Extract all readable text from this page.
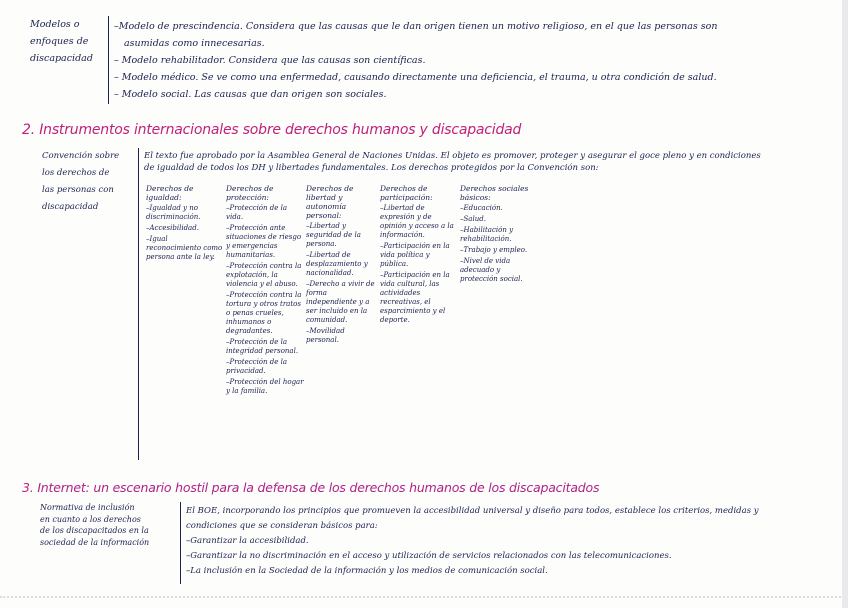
Modelos o
enfoques de
discapacidad
–Modelo de prescindencia. Considera que las causas que le dan origen tienen un motivo religioso, en el que las personas son
asumidas como innecesarias.
– Modelo rehabilitador. Considera que las causas son científicas.
– Modelo médico. Se ve como una enfermedad, causando directamente una deficiencia, el trauma, u otra condición de salud.
– Modelo social. Las causas que dan origen son sociales.
2. Instrumentos internacionales sobre derechos humanos y discapacidad
Convención sobre
los derechos de
las personas con
discapacidad
El texto fue aprobado por la Asamblea General de Naciones Unidas. El objeto es promover, proteger y asegurar el goce pleno y en condiciones
de igualdad de todos los DH y libertades fundamentales. Los derechos protegidos por la Convención son:
Derechos de igualdad:
–Igualdad y no discriminación.
–Accesibilidad.
–Igual reconocimiento como persona ante la ley.
Derechos de protección:
–Protección de la vida.
–Protección ante situaciones de riesgo y emergencias humanitarias.
–Protección contra la explotación, la violencia y el abuso.
–Protección contra la tortura y otros tratos o penas crueles, inhumanos o degradantes.
–Protección de la integridad personal.
–Protección de la privacidad.
–Protección del hogar y la familia.
Derechos de libertad y autonomía personal:
–Libertad y seguridad de la persona.
–Libertad de desplazamiento y nacionalidad.
–Derecho a vivir de forma independiente y a ser incluido en la comunidad.
–Movilidad personal.
Derechos de participación:
–Libertad de expresión y de opinión y acceso a la información.
–Participación en la vida política y pública.
–Participación en la vida cultural, las actividades recreativas, el esparcimiento y el deporte.
Derechos sociales básicos:
–Educación.
–Salud.
–Habilitación y rehabilitación.
–Trabajo y empleo.
–Nivel de vida adecuado y protección social.
3. Internet: un escenario hostil para la defensa de los derechos humanos de los discapacitados
Normativa de inclusión
en cuanto a los derechos
de los discapacitados en la
sociedad de la información
El BOE, incorporando los principios que promueven la accesibilidad universal y diseño para todos, establece los criterios, medidas y
condiciones que se consideran básicos para:
–Garantizar la accesibilidad.
–Garantizar la no discriminación en el acceso y utilización de servicios relacionados con las telecomunicaciones.
–La inclusión en la Sociedad de la información y los medios de comunicación social.
